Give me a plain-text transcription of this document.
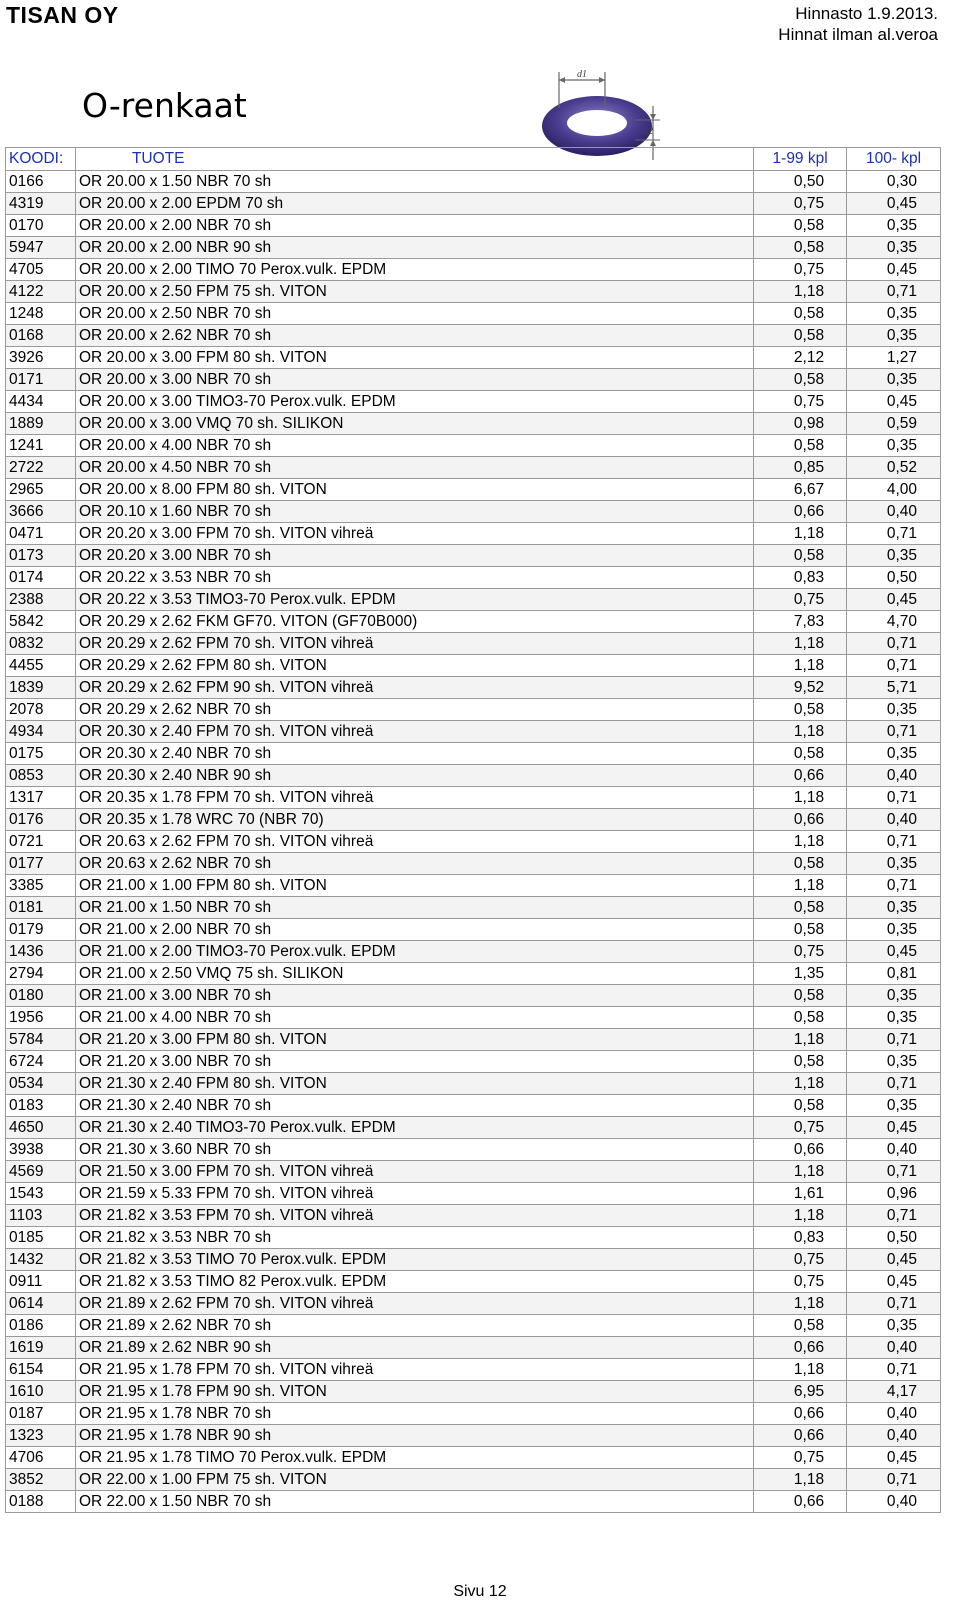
TISAN OY	Hinnasto 1.9.2013.
Hinnat ilman al.veroa
O-renkaat
d1
d2
KOODI:	TUOTE	1-99 kpl	100- kpl
0166	OR 20.00 x 1.50 NBR 70 sh	0,50	0,30
4319	OR 20.00 x 2.00 EPDM 70 sh	0,75	0,45
0170	OR 20.00 x 2.00 NBR 70 sh	0,58	0,35
5947	OR 20.00 x 2.00 NBR 90 sh	0,58	0,35
4705	OR 20.00 x 2.00 TIMO 70 Perox.vulk. EPDM	0,75	0,45
4122	OR 20.00 x 2.50 FPM 75 sh. VITON	1,18	0,71
1248	OR 20.00 x 2.50 NBR 70 sh	0,58	0,35
0168	OR 20.00 x 2.62 NBR 70 sh	0,58	0,35
3926	OR 20.00 x 3.00 FPM 80 sh. VITON	2,12	1,27
0171	OR 20.00 x 3.00 NBR 70 sh	0,58	0,35
4434	OR 20.00 x 3.00 TIMO3-70 Perox.vulk. EPDM	0,75	0,45
1889	OR 20.00 x 3.00 VMQ 70 sh. SILIKON	0,98	0,59
1241	OR 20.00 x 4.00 NBR 70 sh	0,58	0,35
2722	OR 20.00 x 4.50 NBR 70 sh	0,85	0,52
2965	OR 20.00 x 8.00 FPM 80 sh. VITON	6,67	4,00
3666	OR 20.10 x 1.60 NBR 70 sh	0,66	0,40
0471	OR 20.20 x 3.00 FPM 70 sh. VITON vihreä	1,18	0,71
0173	OR 20.20 x 3.00 NBR 70 sh	0,58	0,35
0174	OR 20.22 x 3.53 NBR 70 sh	0,83	0,50
2388	OR 20.22 x 3.53 TIMO3-70 Perox.vulk. EPDM	0,75	0,45
5842	OR 20.29 x 2.62 FKM GF70. VITON (GF70B000)	7,83	4,70
0832	OR 20.29 x 2.62 FPM 70 sh. VITON vihreä	1,18	0,71
4455	OR 20.29 x 2.62 FPM 80 sh. VITON	1,18	0,71
1839	OR 20.29 x 2.62 FPM 90 sh. VITON vihreä	9,52	5,71
2078	OR 20.29 x 2.62 NBR 70 sh	0,58	0,35
4934	OR 20.30 x 2.40 FPM 70 sh. VITON vihreä	1,18	0,71
0175	OR 20.30 x 2.40 NBR 70 sh	0,58	0,35
0853	OR 20.30 x 2.40 NBR 90 sh	0,66	0,40
1317	OR 20.35 x 1.78 FPM 70 sh. VITON vihreä	1,18	0,71
0176	OR 20.35 x 1.78 WRC 70 (NBR 70)	0,66	0,40
0721	OR 20.63 x 2.62 FPM 70 sh. VITON vihreä	1,18	0,71
0177	OR 20.63 x 2.62 NBR 70 sh	0,58	0,35
3385	OR 21.00 x 1.00 FPM 80 sh. VITON	1,18	0,71
0181	OR 21.00 x 1.50 NBR 70 sh	0,58	0,35
0179	OR 21.00 x 2.00 NBR 70 sh	0,58	0,35
1436	OR 21.00 x 2.00 TIMO3-70 Perox.vulk. EPDM	0,75	0,45
2794	OR 21.00 x 2.50 VMQ 75 sh. SILIKON	1,35	0,81
0180	OR 21.00 x 3.00 NBR 70 sh	0,58	0,35
1956	OR 21.00 x 4.00 NBR 70 sh	0,58	0,35
5784	OR 21.20 x 3.00 FPM 80 sh. VITON	1,18	0,71
6724	OR 21.20 x 3.00 NBR 70 sh	0,58	0,35
0534	OR 21.30 x 2.40 FPM 80 sh. VITON	1,18	0,71
0183	OR 21.30 x 2.40 NBR 70 sh	0,58	0,35
4650	OR 21.30 x 2.40 TIMO3-70 Perox.vulk. EPDM	0,75	0,45
3938	OR 21.30 x 3.60 NBR 70 sh	0,66	0,40
4569	OR 21.50 x 3.00 FPM 70 sh. VITON vihreä	1,18	0,71
1543	OR 21.59 x 5.33 FPM 70 sh. VITON vihreä	1,61	0,96
1103	OR 21.82 x 3.53 FPM 70 sh. VITON vihreä	1,18	0,71
0185	OR 21.82 x 3.53 NBR 70 sh	0,83	0,50
1432	OR 21.82 x 3.53 TIMO 70 Perox.vulk. EPDM	0,75	0,45
0911	OR 21.82 x 3.53 TIMO 82 Perox.vulk. EPDM	0,75	0,45
0614	OR 21.89 x 2.62 FPM 70 sh. VITON vihreä	1,18	0,71
0186	OR 21.89 x 2.62 NBR 70 sh	0,58	0,35
1619	OR 21.89 x 2.62 NBR 90 sh	0,66	0,40
6154	OR 21.95 x 1.78 FPM 70 sh. VITON vihreä	1,18	0,71
1610	OR 21.95 x 1.78 FPM 90 sh. VITON	6,95	4,17
0187	OR 21.95 x 1.78 NBR 70 sh	0,66	0,40
1323	OR 21.95 x 1.78 NBR 90 sh	0,66	0,40
4706	OR 21.95 x 1.78 TIMO 70 Perox.vulk. EPDM	0,75	0,45
3852	OR 22.00 x 1.00 FPM 75 sh. VITON	1,18	0,71
0188	OR 22.00 x 1.50 NBR 70 sh	0,66	0,40
Sivu 12
